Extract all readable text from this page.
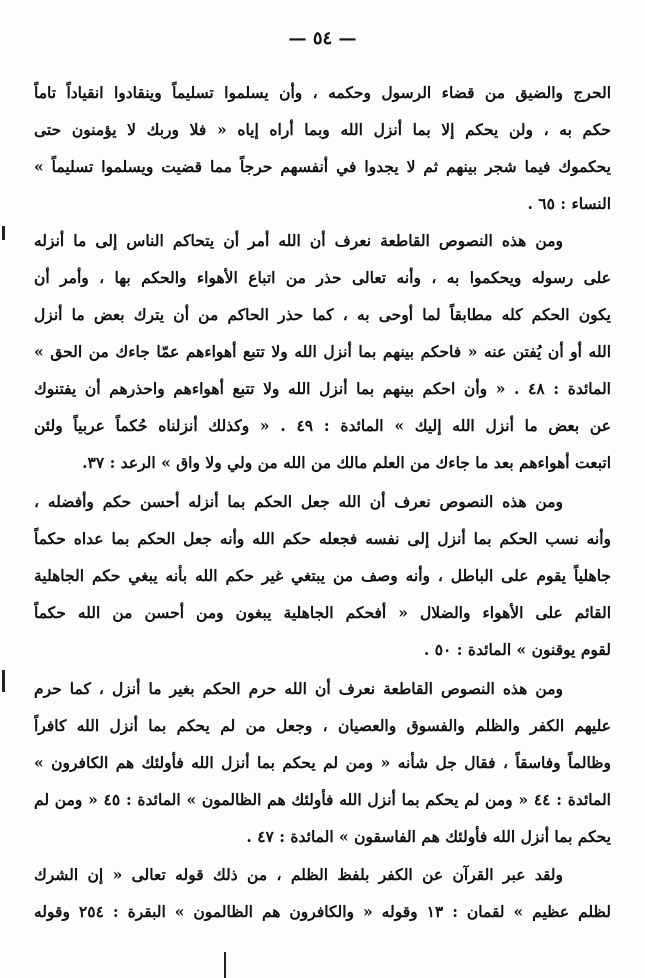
— ٥٤ —
الحرج والضيق من قضاء الرسول وحكمه ، وأن يسلموا تسليماً وينقادوا انقياداً تاماً
حكم به ، ولن يحكم إلا بما أنزل الله وبما أراه إياه « فلا وربك لا يؤمنون حتى
يحكموك فيما شجر بينهم ثم لا يجدوا في أنفسهم حرجاً مما قضيت ويسلموا تسليماً »
النساء : ٦٥ .
ومن هذه النصوص القاطعة نعرف أن الله أمر أن يتحاكم الناس إلى ما أنزله
على رسوله ويحكموا به ، وأنه تعالى حذر من اتباع الأهواء والحكم بها ، وأمر أن
يكون الحكم كله مطابقاً لما أوحى به ، كما حذر الحاكم من أن يترك بعض ما أنزل
الله أو أن يُفتن عنه « فاحكم بينهم بما أنزل الله ولا تتبع أهواءهم عمّا جاءك من الحق »
المائدة : ٤٨ . « وأن احكم بينهم بما أنزل الله ولا تتبع أهواءهم واحذرهم أن يفتنوك
عن بعض ما أنزل الله إليك » المائدة : ٤٩ . « وكذلك أنزلناه حُكماً عربياً ولئن
اتبعت أهواءهم بعد ما جاءك من العلم مالك من الله من ولي ولا واق » الرعد : ٣٧.
ومن هذه النصوص نعرف أن الله جعل الحكم بما أنزله أحسن حكم وأفضله ،
وأنه نسب الحكم بما أنزل إلى نفسه فجعله حكم الله وأنه جعل الحكم بما عداه حكماً
جاهلياً يقوم على الباطل ، وأنه وصف من يبتغي غير حكم الله بأنه يبغي حكم الجاهلية
القائم على الأهواء والضلال « أفحكم الجاهلية يبغون ومن أحسن من الله حكماً
لقوم يوقنون » المائدة : ٥٠ .
ومن هذه النصوص القاطعة نعرف أن الله حرم الحكم بغير ما أنزل ، كما حرم
عليهم الكفر والظلم والفسوق والعصيان ، وجعل من لم يحكم بما أنزل الله كافراً
وظالماً وفاسقاً ، فقال جل شأنه « ومن لم يحكم بما أنزل الله فأولئك هم الكافرون »
المائدة : ٤٤ « ومن لم يحكم بما أنزل الله فأولئك هم الظالمون » المائدة : ٤٥ « ومن لم
يحكم بما أنزل الله فأولئك هم الفاسقون » المائدة : ٤٧ .
ولقد عبر القرآن عن الكفر بلفظ الظلم ، من ذلك قوله تعالى « إن الشرك
لظلم عظيم » لقمان : ١٣ وقوله « والكافرون هم الظالمون » البقرة : ٢٥٤ وقوله
